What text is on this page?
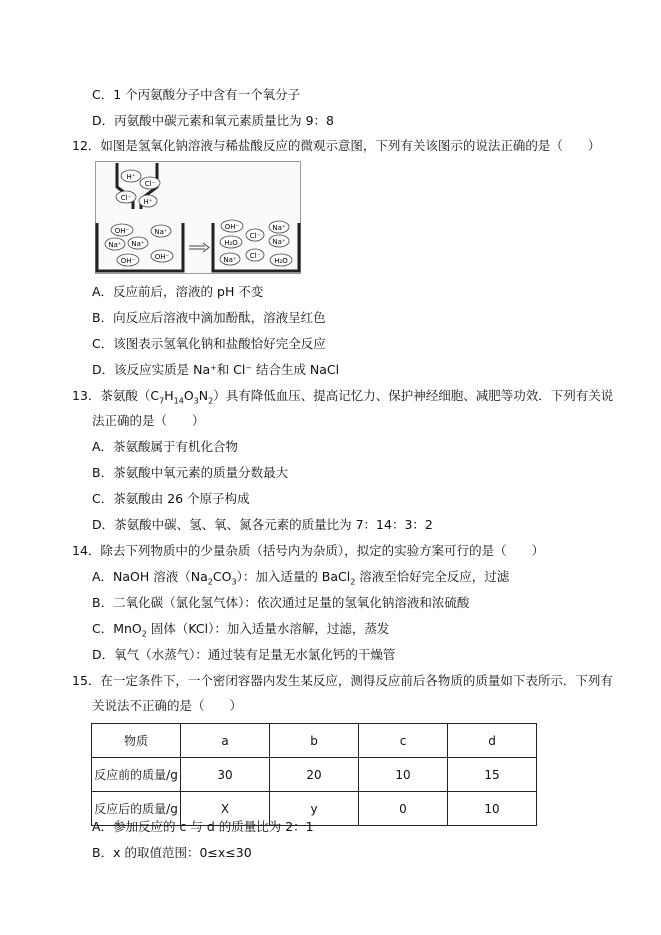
C．1 个丙氨酸分子中含有一个氧分子
D．丙氨酸中碳元素和氧元素质量比为 9：8
12．如图是氢氧化钠溶液与稀盐酸反应的微观示意图，下列有关该图示的说法正确的是（　　）
H⁺
Cl⁻
Cl⁻ H⁺
OH⁻	Na⁺
Na⁺ Na⁺
OH⁻	OH⁻
OH⁻	Na⁺
H₂O
Cl⁻
Na⁺
Na⁺ Cl⁻
H₂O
A．反应前后，溶液的 pH 不变
B．向反应后溶液中滴加酚酞，溶液呈红色
C．该图表示氢氧化钠和盐酸恰好完全反应
D．该反应实质是 Na⁺和 Cl⁻ 结合生成 NaCl
13．茶氨酸$(C_7H_{14}O_3N_2)$具有降低血压、提高记忆力、保护神经细胞、减肥等功效．下列有关说
法正确的是（　　）
A．茶氨酸属于有机化合物
B．茶氨酸中氧元素的质量分数最大
C．茶氨酸由 26 个原子构成
D．茶氨酸中碳、氢、氧、氮各元素的质量比为 7：14：3：2
14．除去下列物质中的少量杂质（括号内为杂质），拟定的实验方案可行的是（　　）
A．NaOH 溶液$(Na_2CO_3)$：加入适量的 BaCl$_2$ 溶液至恰好完全反应，过滤
B．二氧化碳（氯化氢气体）：依次通过足量的氢氧化钠溶液和浓硫酸
C．MnO$_2$ 固体（KCl）：加入适量水溶解，过滤，蒸发
D．氧气（水蒸气）：通过装有足量无水氯化钙的干燥管
15．在一定条件下，一个密闭容器内发生某反应，测得反应前后各物质的质量如下表所示．下列有
关说法不正确的是（　　）
物质	a	b	c	d
反应前的质量/g	30	20	10	15
反应后的质量/g	X	y	0	10
A．参加反应的 c 与 d 的质量比为 2：1
B．x 的取值范围：0≤x≤30
